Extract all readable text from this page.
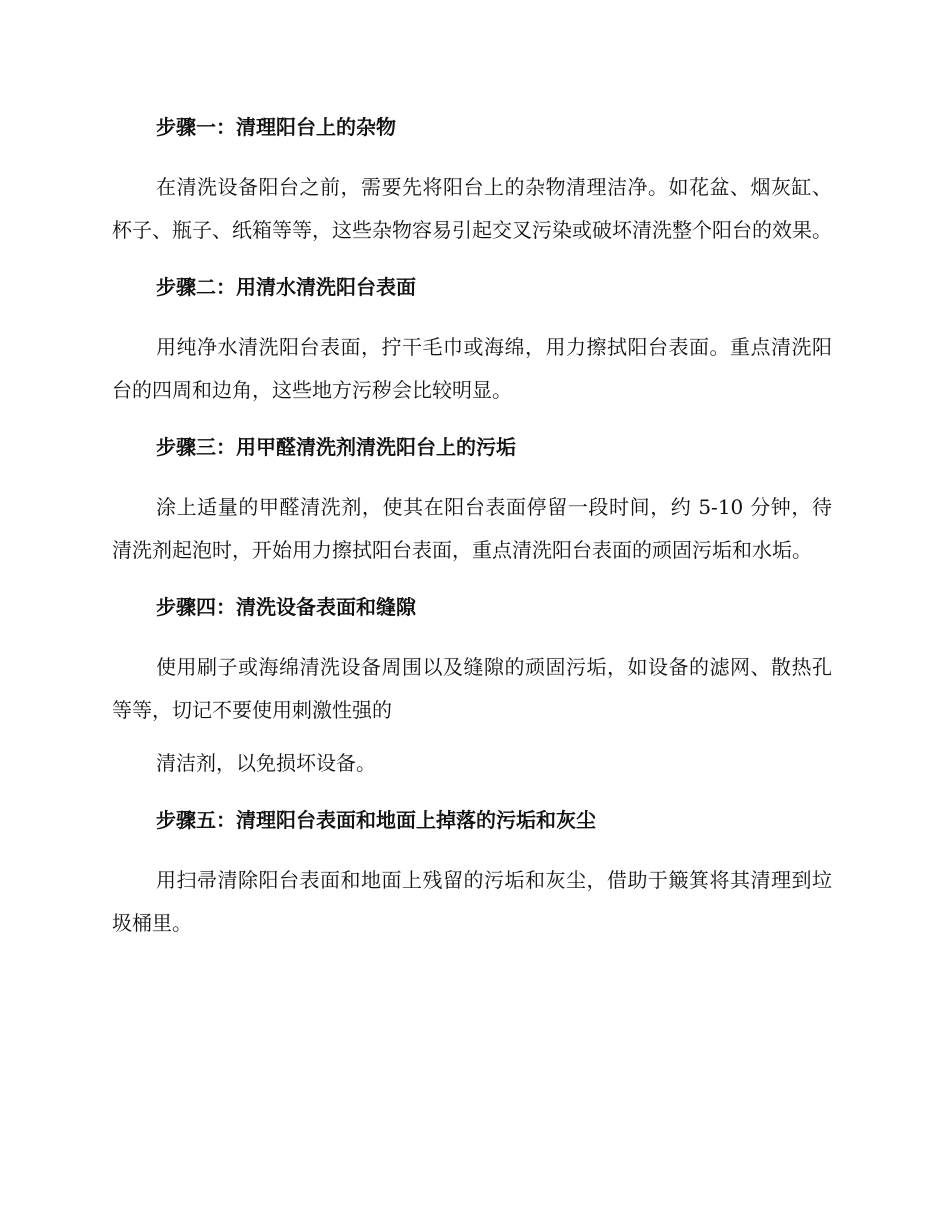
步骤一：清理阳台上的杂物

在清洗设备阳台之前，需要先将阳台上的杂物清理洁净。如花盆、烟灰缸、杯子、瓶子、纸箱等等，这些杂物容易引起交叉污染或破坏清洗整个阳台的效果。

步骤二：用清水清洗阳台表面

用纯净水清洗阳台表面，拧干毛巾或海绵，用力擦拭阳台表面。重点清洗阳台的四周和边角，这些地方污秽会比较明显。

步骤三：用甲醛清洗剂清洗阳台上的污垢

涂上适量的甲醛清洗剂，使其在阳台表面停留一段时间，约 5-10 分钟，待清洗剂起泡时，开始用力擦拭阳台表面，重点清洗阳台表面的顽固污垢和水垢。

步骤四：清洗设备表面和缝隙

使用刷子或海绵清洗设备周围以及缝隙的顽固污垢，如设备的滤网、散热孔等等，切记不要使用刺激性强的

清洁剂，以免损坏设备。

步骤五：清理阳台表面和地面上掉落的污垢和灰尘

用扫帚清除阳台表面和地面上残留的污垢和灰尘，借助于簸箕将其清理到垃圾桶里。
